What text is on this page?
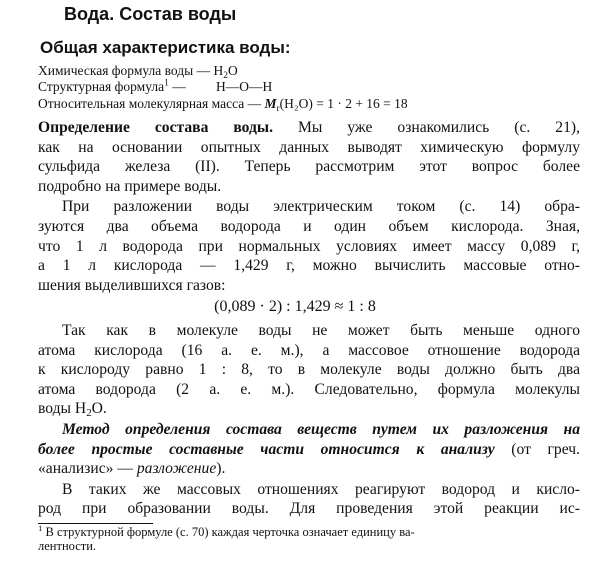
Вода. Состав воды
Общая характеристика воды:
Химическая формула воды — $H_2O$
Структурная формула$^1$ — H—O—H
Относительная молекулярная масса — $M_r(H_2O) = 1 \cdot 2 + 16 = 18$
Определение состава воды. Мы уже ознакомились (с. 21),
как на основании опытных данных выводят химическую формулу
сульфида железа (II). Теперь рассмотрим этот вопрос более
подробно на примере воды.
При разложении воды электрическим током (с. 14) обра-
зуются два объема водорода и один объем кислорода. Зная,
что 1 л водорода при нормальных условиях имеет массу 0,089 г,
а 1 л кислорода — 1,429 г, можно вычислить массовые отно-
шения выделившихся газов:
(0,089 · 2) : 1,429 ≈ 1 : 8
Так как в молекуле воды не может быть меньше одного
атома кислорода (16 а. е. м.), а массовое отношение водорода
к кислороду равно 1 : 8, то в молекуле воды должно быть два
атома водорода (2 а. е. м.). Следовательно, формула молекулы
воды $H_2O$.
Метод определения состава веществ путем их разложения на
более простые составные части относится к анализу (от греч.
«анализис» — разложение).
В таких же массовых отношениях реагируют водород и кисло-
род при образовании воды. Для проведения этой реакции ис-
$^1$ В структурной формуле (с. 70) каждая черточка означает единицу ва-
лентности.
